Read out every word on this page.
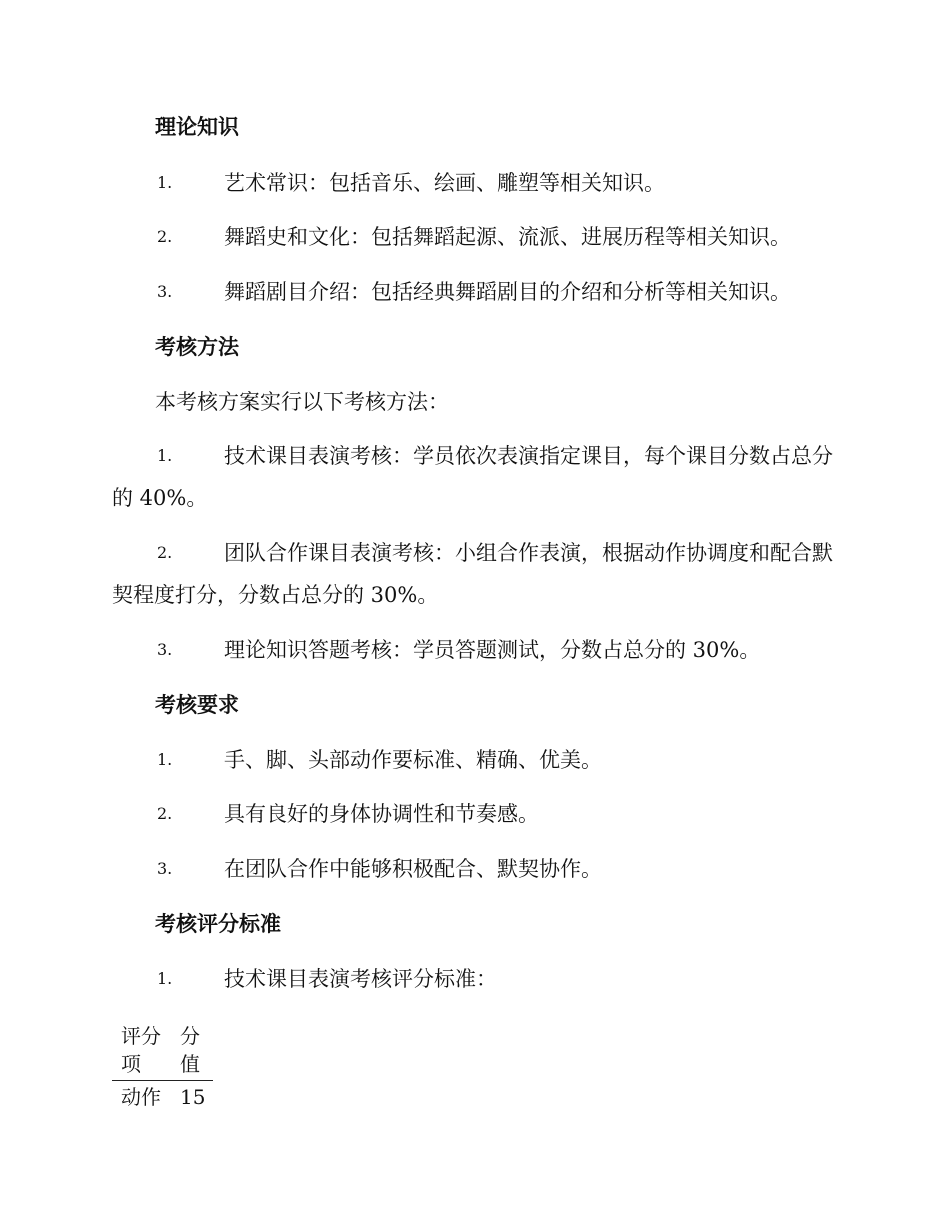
理论知识
1.	艺术常识：包括音乐、绘画、雕塑等相关知识。
2.	舞蹈史和文化：包括舞蹈起源、流派、进展历程等相关知识。
3.	舞蹈剧目介绍：包括经典舞蹈剧目的介绍和分析等相关知识。
考核方法
本考核方案实行以下考核方法：
1.	技术课目表演考核：学员依次表演指定课目，每个课目分数占总分的 40%。
2.	团队合作课目表演考核：小组合作表演，根据动作协调度和配合默契程度打分，分数占总分的 30%。
3.	理论知识答题考核：学员答题测试，分数占总分的 30%。
考核要求
1.	手、脚、头部动作要标准、精确、优美。
2.	具有良好的身体协调性和节奏感。
3.	在团队合作中能够积极配合、默契协作。
考核评分标准
1.	技术课目表演考核评分标准：
评分项	分值
动作	15
